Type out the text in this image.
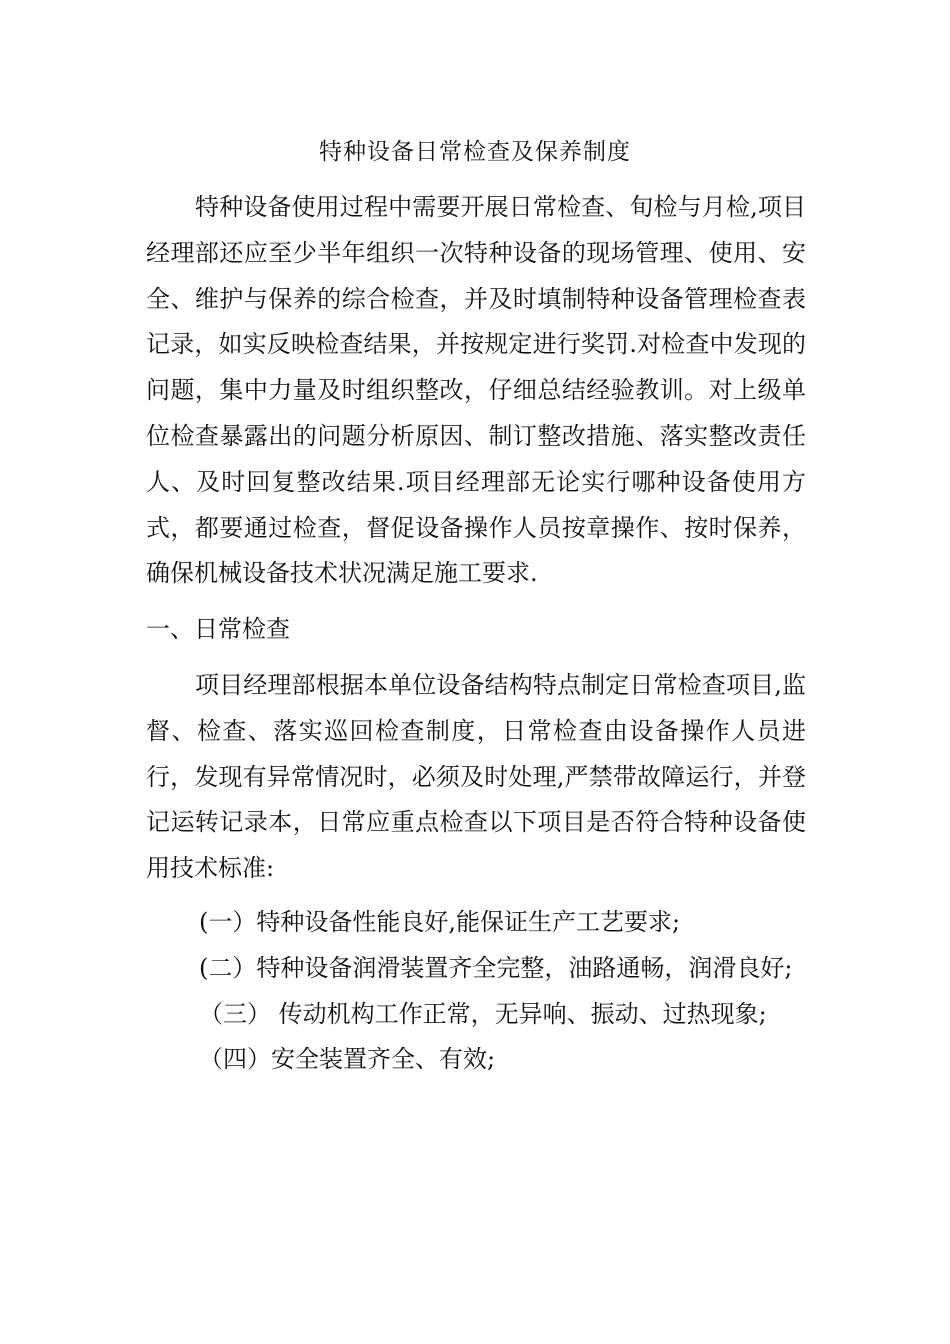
特种设备日常检查及保养制度

特种设备使用过程中需要开展日常检查、旬检与月检,项目经理部还应至少半年组织一次特种设备的现场管理、使用、安全、维护与保养的综合检查，并及时填制特种设备管理检查表记录，如实反映检查结果，并按规定进行奖罚.对检查中发现的问题，集中力量及时组织整改，仔细总结经验教训。对上级单位检查暴露出的问题分析原因、制订整改措施、落实整改责任人、及时回复整改结果.项目经理部无论实行哪种设备使用方式，都要通过检查，督促设备操作人员按章操作、按时保养，确保机械设备技术状况满足施工要求.

一、日常检查

项目经理部根据本单位设备结构特点制定日常检查项目,监督、检查、落实巡回检查制度，日常检查由设备操作人员进行，发现有异常情况时，必须及时处理,严禁带故障运行，并登记运转记录本，日常应重点检查以下项目是否符合特种设备使用技术标准:

(一）特种设备性能良好,能保证生产工艺要求;

(二）特种设备润滑装置齐全完整，油路通畅，润滑良好;

（三） 传动机构工作正常，无异响、振动、过热现象;

（四）安全装置齐全、有效;
